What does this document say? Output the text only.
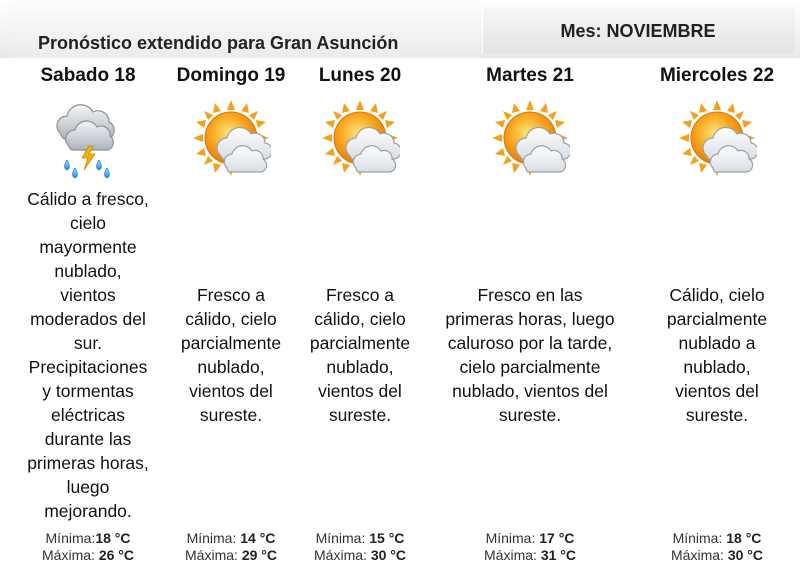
Pronóstico extendido para Gran Asunción
Mes: NOVIEMBRE
Sabado 18
Cálido a fresco,
cielo
mayormente
nublado,
vientos
moderados del
sur.
Precipitaciones
y tormentas
eléctricas
durante las
primeras horas,
luego
mejorando.
Mínima:18 °C
Máxima: 26 °C
Domingo 19
Fresco a
cálido, cielo
parcialmente
nublado,
vientos del
sureste.
Mínima: 14 °C
Máxima: 29 °C
Lunes 20
Fresco a
cálido, cielo
parcialmente
nublado,
vientos del
sureste.
Mínima: 15 °C
Máxima: 30 °C
Martes 21
Fresco en las
primeras horas, luego
caluroso por la tarde,
cielo parcialmente
nublado, vientos del
sureste.
Mínima: 17 °C
Máxima: 31 °C
Miercoles 22
Cálido, cielo
parcialmente
nublado a
nublado,
vientos del
sureste.
Mínima: 18 °C
Máxima: 30 °C
